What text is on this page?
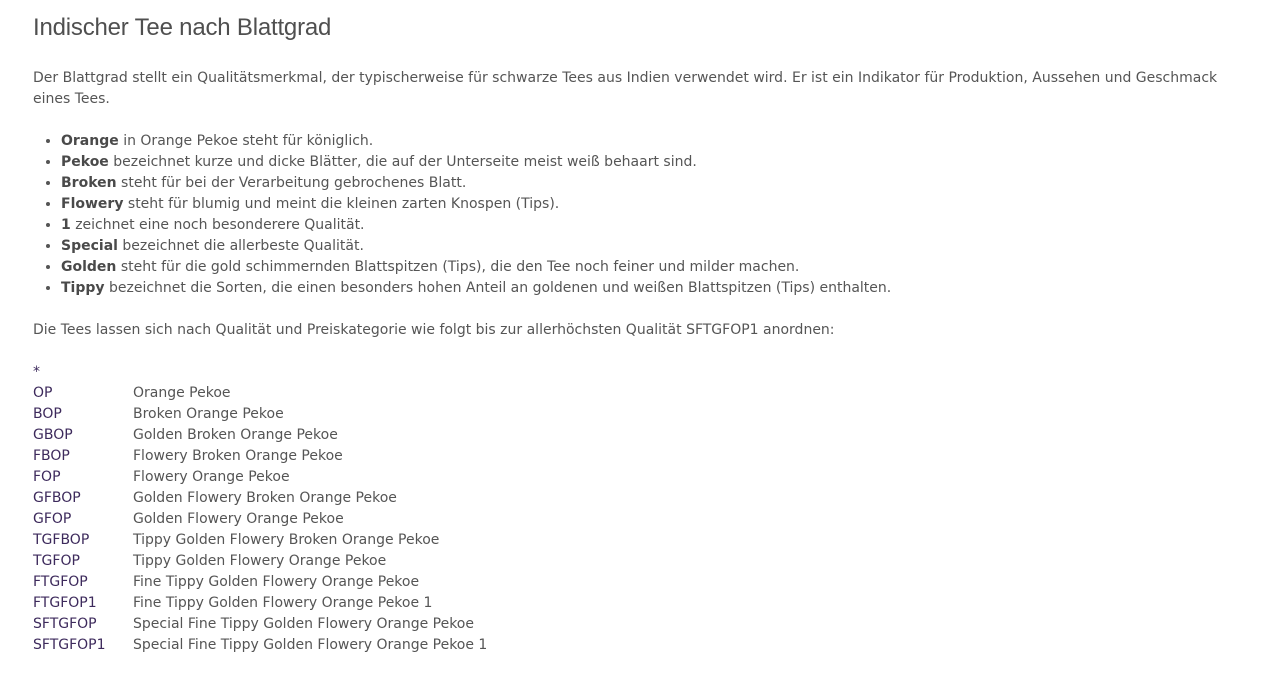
Indischer Tee nach Blattgrad

Der Blattgrad stellt ein Qualitätsmerkmal, der typischerweise für schwarze Tees aus Indien verwendet wird. Er ist ein Indikator für Produktion, Aussehen und Geschmack eines Tees.

• Orange in Orange Pekoe steht für königlich.
• Pekoe bezeichnet kurze und dicke Blätter, die auf der Unterseite meist weiß behaart sind.
• Broken steht für bei der Verarbeitung gebrochenes Blatt.
• Flowery steht für blumig und meint die kleinen zarten Knospen (Tips).
• 1 zeichnet eine noch besonderere Qualität.
• Special bezeichnet die allerbeste Qualität.
• Golden steht für die gold schimmernden Blattspitzen (Tips), die den Tee noch feiner und milder machen.
• Tippy bezeichnet die Sorten, die einen besonders hohen Anteil an goldenen und weißen Blattspitzen (Tips) enthalten.

Die Tees lassen sich nach Qualität und Preiskategorie wie folgt bis zur allerhöchsten Qualität SFTGFOP1 anordnen:

*
OP	Orange Pekoe
BOP	Broken Orange Pekoe
GBOP	Golden Broken Orange Pekoe
FBOP	Flowery Broken Orange Pekoe
FOP	Flowery Orange Pekoe
GFBOP	Golden Flowery Broken Orange Pekoe
GFOP	Golden Flowery Orange Pekoe
TGFBOP	Tippy Golden Flowery Broken Orange Pekoe
TGFOP	Tippy Golden Flowery Orange Pekoe
FTGFOP	Fine Tippy Golden Flowery Orange Pekoe
FTGFOP1	Fine Tippy Golden Flowery Orange Pekoe 1
SFTGFOP	Special Fine Tippy Golden Flowery Orange Pekoe
SFTGFOP1	Special Fine Tippy Golden Flowery Orange Pekoe 1
